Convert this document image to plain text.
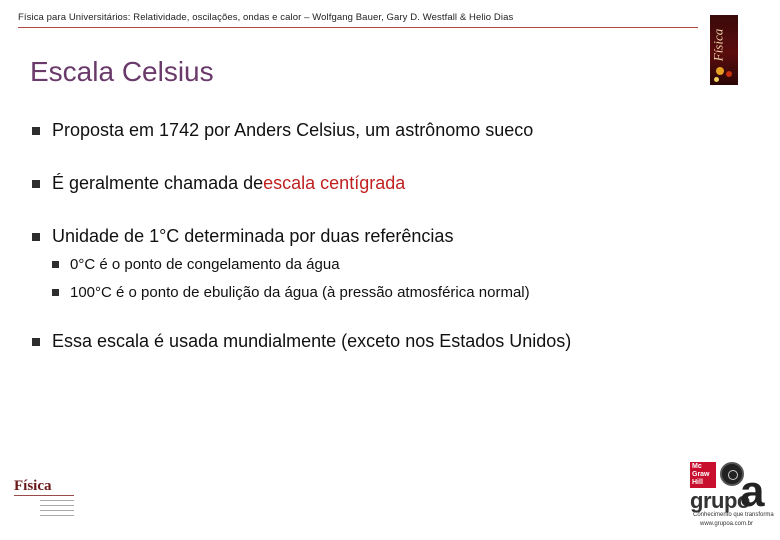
Física para Universitários: Relatividade, oscilações, ondas e calor – Wolfgang Bauer, Gary D. Westfall & Helio Dias
Física
Escala Celsius
Proposta em 1742 por Anders Celsius, um astrônomo sueco
É geralmente chamada de escala centígrada
Unidade de 1°C determinada por duas referências
0°C é o ponto de congelamento da água
100°C é o ponto de ebulição da água (à pressão atmosférica normal)
Essa escala é usada mundialmente (exceto nos Estados Unidos)
Física
Mc Graw Hill
grupo
a
Conhecimento que transforma
www.grupoa.com.br
